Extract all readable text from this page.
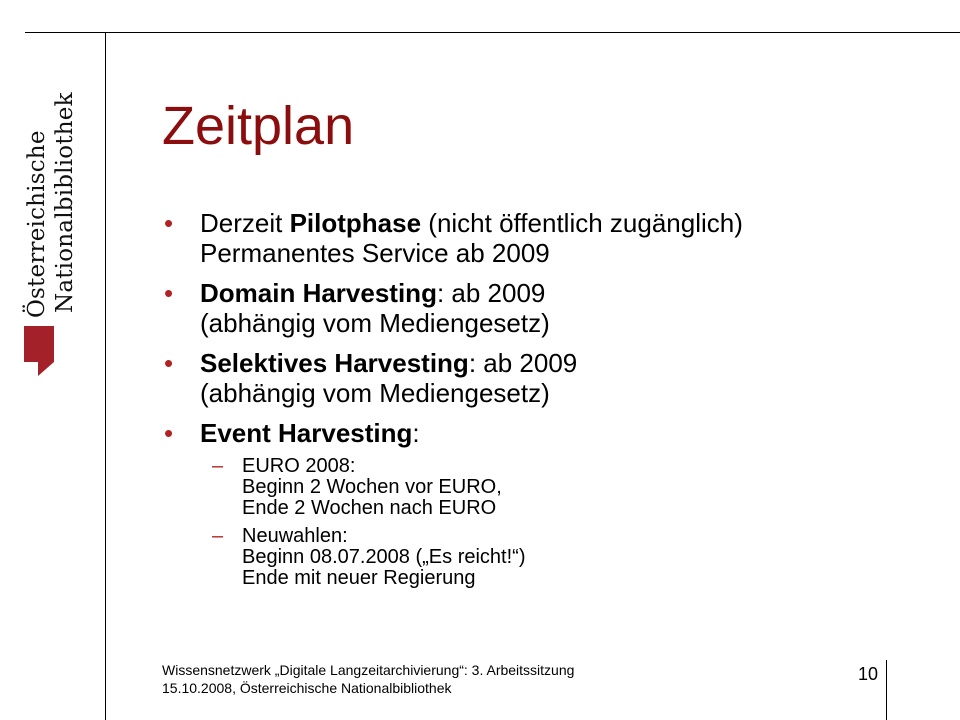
Österreichische Nationalbibliothek Zeitplan
• Derzeit Pilotphase (nicht öffentlich zugänglich)
Permanentes Service ab 2009
• Domain Harvesting: ab 2009
(abhängig vom Mediengesetz)
• Selektives Harvesting: ab 2009
(abhängig vom Mediengesetz)
• Event Harvesting:
– EURO 2008:
Beginn 2 Wochen vor EURO,
Ende 2 Wochen nach EURO
– Neuwahlen:
Beginn 08.07.2008 („Es reicht!“)
Ende mit neuer Regierung
Wissensnetzwerk „Digitale Langzeitarchivierung“: 3. Arbeitssitzung
15.10.2008, Österreichische Nationalbibliothek
10
